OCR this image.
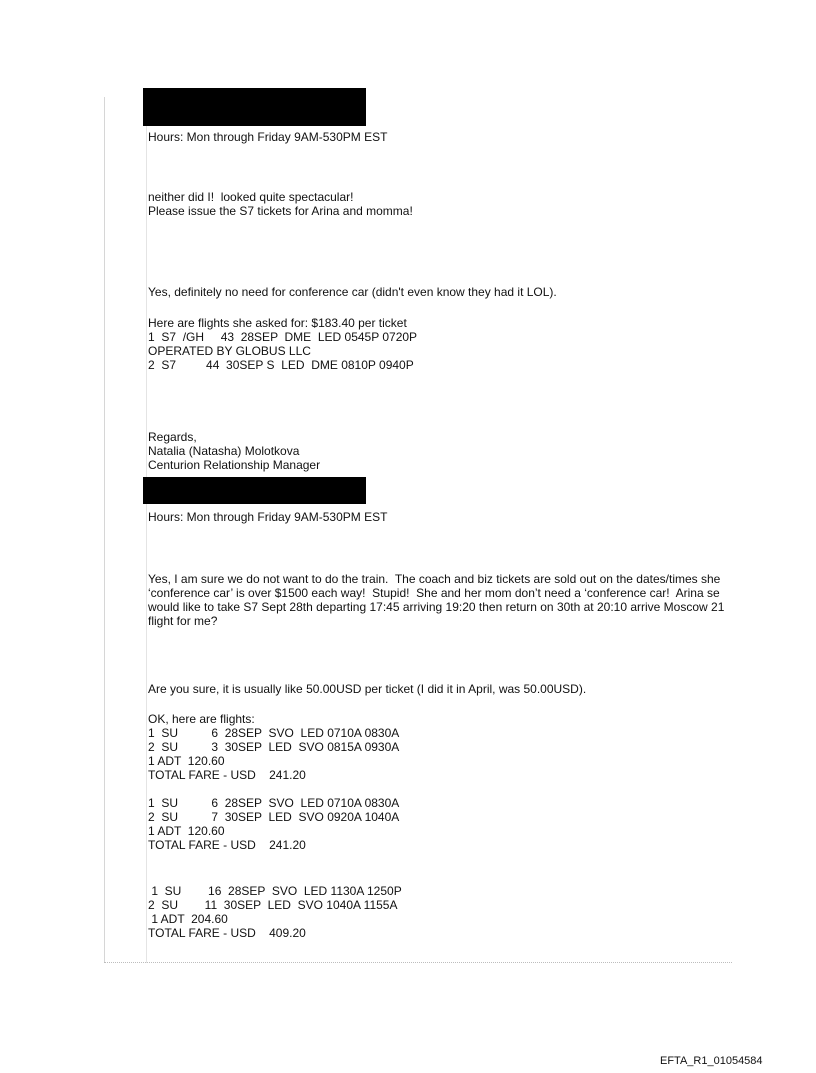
Hours: Mon through Friday 9AM-530PM EST
neither did I!  looked quite spectacular!
Please issue the S7 tickets for Arina and momma!
Yes, definitely no need for conference car (didn't even know they had it LOL).
Here are flights she asked for: $183.40 per ticket
1  S7  /GH     43  28SEP  DME  LED 0545P 0720P
OPERATED BY GLOBUS LLC
2  S7         44  30SEP S  LED  DME 0810P 0940P
Regards,
Natalia (Natasha) Molotkova
Centurion Relationship Manager
Hours: Mon through Friday 9AM-530PM EST
Yes, I am sure we do not want to do the train.  The coach and biz tickets are sold out on the dates/times she
‘conference car’ is over $1500 each way!  Stupid!  She and her mom don’t need a ‘conference car!  Arina se
would like to take S7 Sept 28th departing 17:45 arriving 19:20 then return on 30th at 20:10 arrive Moscow 21
flight for me?
Are you sure, it is usually like 50.00USD per ticket (I did it in April, was 50.00USD).
OK, here are flights:
1  SU          6  28SEP  SVO  LED 0710A 0830A
2  SU          3  30SEP  LED  SVO 0815A 0930A
1 ADT  120.60
TOTAL FARE - USD    241.20
1  SU          6  28SEP  SVO  LED 0710A 0830A
2  SU          7  30SEP  LED  SVO 0920A 1040A
1 ADT  120.60
TOTAL FARE - USD    241.20
1  SU        16  28SEP  SVO  LED 1130A 1250P
2  SU        11  30SEP  LED  SVO 1040A 1155A
1 ADT  204.60
TOTAL FARE - USD    409.20
EFTA_R1_01054584
